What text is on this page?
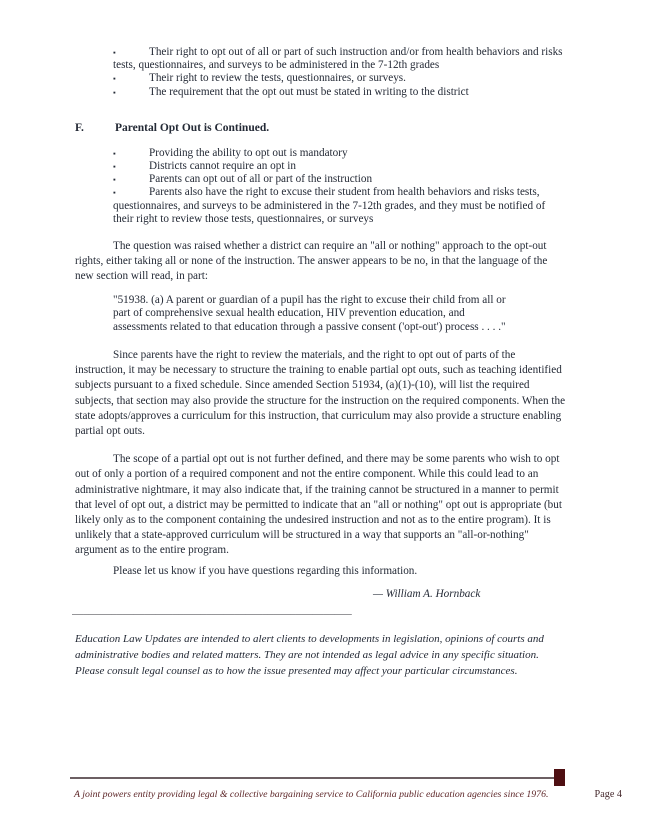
▪	Their right to opt out of all or part of such instruction and/or from health behaviors and risks tests, questionnaires, and surveys to be administered in the 7-12th grades
▪	Their right to review the tests, questionnaires, or surveys.
▪	The requirement that the opt out must be stated in writing to the district
F.	Parental Opt Out is Continued.
▪	Providing the ability to opt out is mandatory
▪	Districts cannot require an opt in
▪	Parents can opt out of all or part of the instruction
▪	Parents also have the right to excuse their student from health behaviors and risks tests, questionnaires, and surveys to be administered in the 7-12th grades, and they must be notified of their right to review those tests, questionnaires, or surveys

The question was raised whether a district can require an "all or nothing" approach to the opt-out rights, either taking all or none of the instruction. The answer appears to be no, in that the language of the new section will read, in part:

"51938. (a) A parent or guardian of a pupil has the right to excuse their child from all or part of comprehensive sexual health education, HIV prevention education, and assessments related to that education through a passive consent ('opt-out') process . . . ."

Since parents have the right to review the materials, and the right to opt out of parts of the instruction, it may be necessary to structure the training to enable partial opt outs, such as teaching identified subjects pursuant to a fixed schedule. Since amended Section 51934, (a)(1)-(10), will list the required subjects, that section may also provide the structure for the instruction on the required components. When the state adopts/approves a curriculum for this instruction, that curriculum may also provide a structure enabling partial opt outs.

The scope of a partial opt out is not further defined, and there may be some parents who wish to opt out of only a portion of a required component and not the entire component. While this could lead to an administrative nightmare, it may also indicate that, if the training cannot be structured in a manner to permit that level of opt out, a district may be permitted to indicate that an "all or nothing" opt out is appropriate (but likely only as to the component containing the undesired instruction and not as to the entire program). It is unlikely that a state-approved curriculum will be structured in a way that supports an "all-or-nothing" argument as to the entire program.

Please let us know if you have questions regarding this information.

— William A. Hornback

__________________________________________________

Education Law Updates are intended to alert clients to developments in legislation, opinions of courts and administrative bodies and related matters. They are not intended as legal advice in any specific situation. Please consult legal counsel as to how the issue presented may affect your particular circumstances.

A joint powers entity providing legal & collective bargaining service to California public education agencies since 1976.	Page 4
